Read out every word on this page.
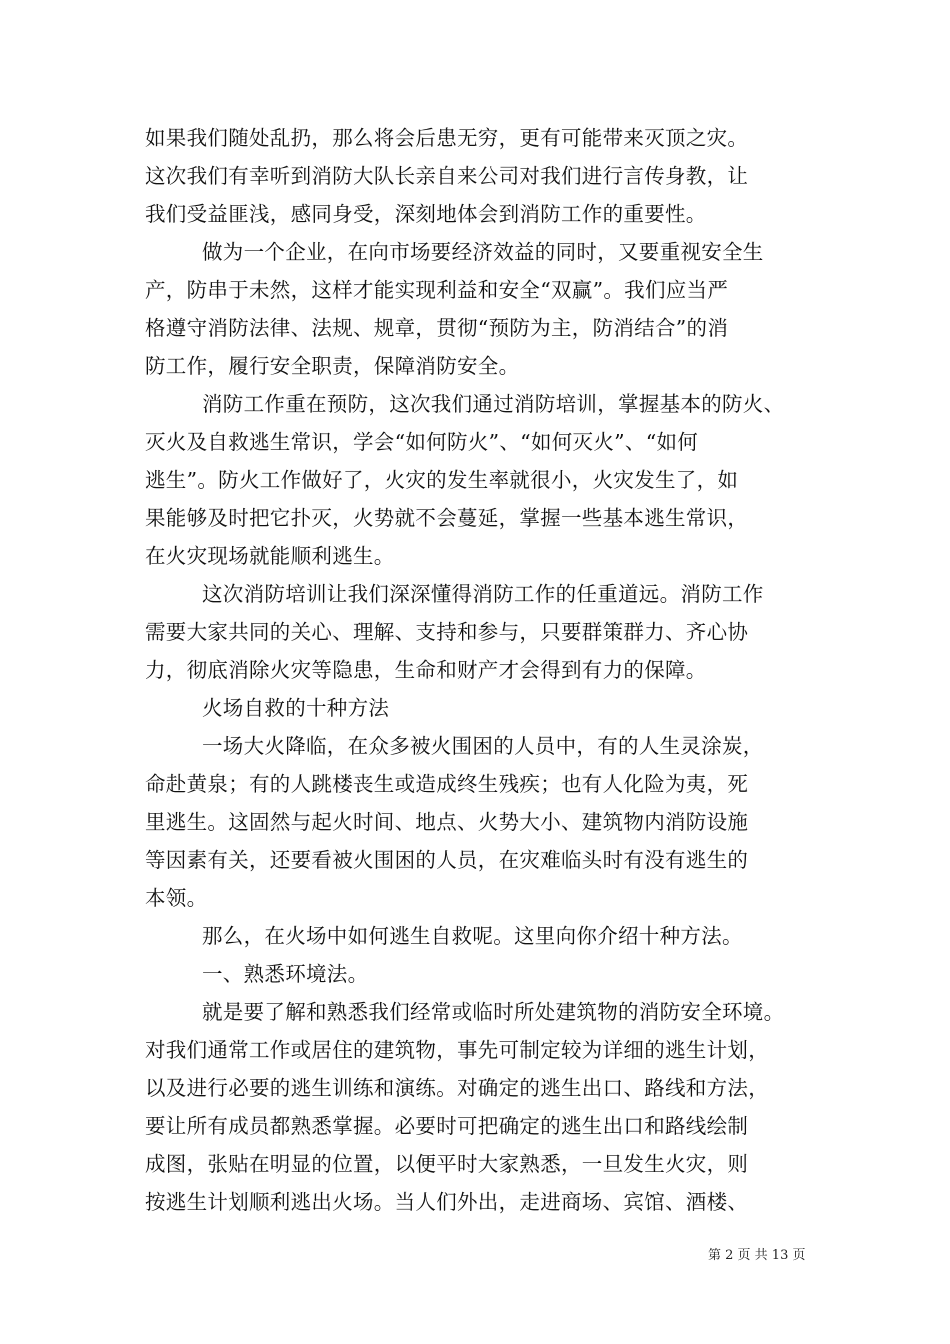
如果我们随处乱扔，那么将会后患无穷，更有可能带来灭顶之灾。
这次我们有幸听到消防大队长亲自来公司对我们进行言传身教，让
我们受益匪浅，感同身受，深刻地体会到消防工作的重要性。
做为一个企业，在向市场要经济效益的同时，又要重视安全生
产，防串于未然，这样才能实现利益和安全“双赢”。我们应当严
格遵守消防法律、法规、规章，贯彻“预防为主，防消结合”的消
防工作，履行安全职责，保障消防安全。
消防工作重在预防，这次我们通过消防培训，掌握基本的防火、
灭火及自救逃生常识，学会“如何防火”、“如何灭火”、“如何
逃生”。防火工作做好了，火灾的发生率就很小，火灾发生了，如
果能够及时把它扑灭，火势就不会蔓延，掌握一些基本逃生常识，
在火灾现场就能顺利逃生。
这次消防培训让我们深深懂得消防工作的任重道远。消防工作
需要大家共同的关心、理解、支持和参与，只要群策群力、齐心协
力，彻底消除火灾等隐患，生命和财产才会得到有力的保障。
火场自救的十种方法
一场大火降临，在众多被火围困的人员中，有的人生灵涂炭，
命赴黄泉；有的人跳楼丧生或造成终生残疾；也有人化险为夷，死
里逃生。这固然与起火时间、地点、火势大小、建筑物内消防设施
等因素有关，还要看被火围困的人员，在灾难临头时有没有逃生的
本领。
那么，在火场中如何逃生自救呢。这里向你介绍十种方法。
一、熟悉环境法。
就是要了解和熟悉我们经常或临时所处建筑物的消防安全环境。
对我们通常工作或居住的建筑物，事先可制定较为详细的逃生计划，
以及进行必要的逃生训练和演练。对确定的逃生出口、路线和方法，
要让所有成员都熟悉掌握。必要时可把确定的逃生出口和路线绘制
成图，张贴在明显的位置，以便平时大家熟悉，一旦发生火灾，则
按逃生计划顺利逃出火场。当人们外出，走进商场、宾馆、酒楼、
第 2 页 共 13 页
